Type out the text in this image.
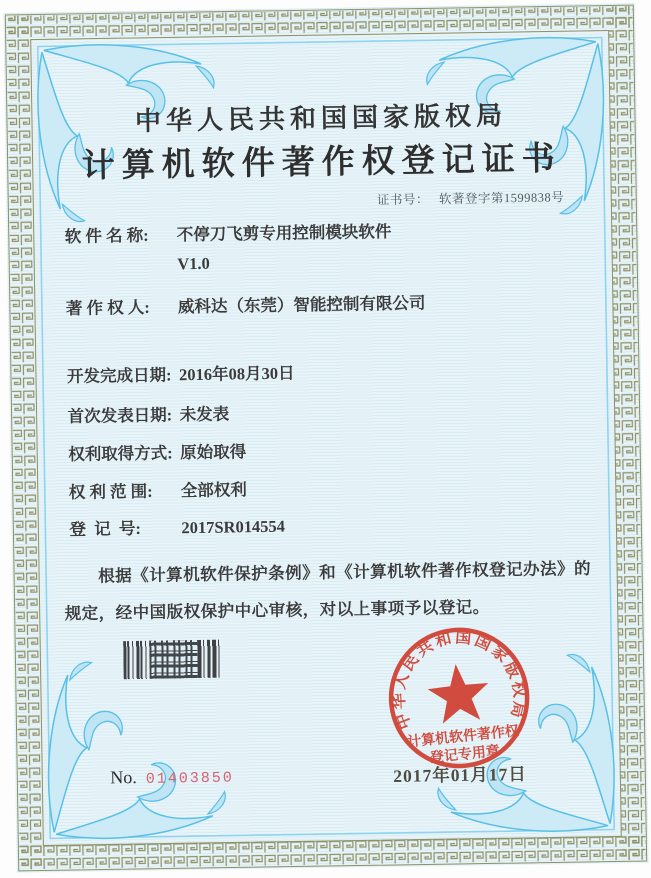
中华人民共和国国家版权局
计算机软件著作权登记证书
证书号： 软著登字第1599838号
软 件 名 称:	不停刀飞剪专用控制模块软件
V1.0
著 作 权 人:	威科达（东莞）智能控制有限公司
开发完成日期: 2016年08月30日
首次发表日期: 未发表
权利取得方式: 原始取得
权 利 范 围:	全部权利
登  记  号:	2017SR014554
根据《计算机软件保护条例》和《计算机软件著作权登记办法》的
规定，经中国版权保护中心审核，对以上事项予以登记。
中华人民共和国国家版权局
计算机软件著作权
登记专用章
No. 01403850	2017年01月17日
